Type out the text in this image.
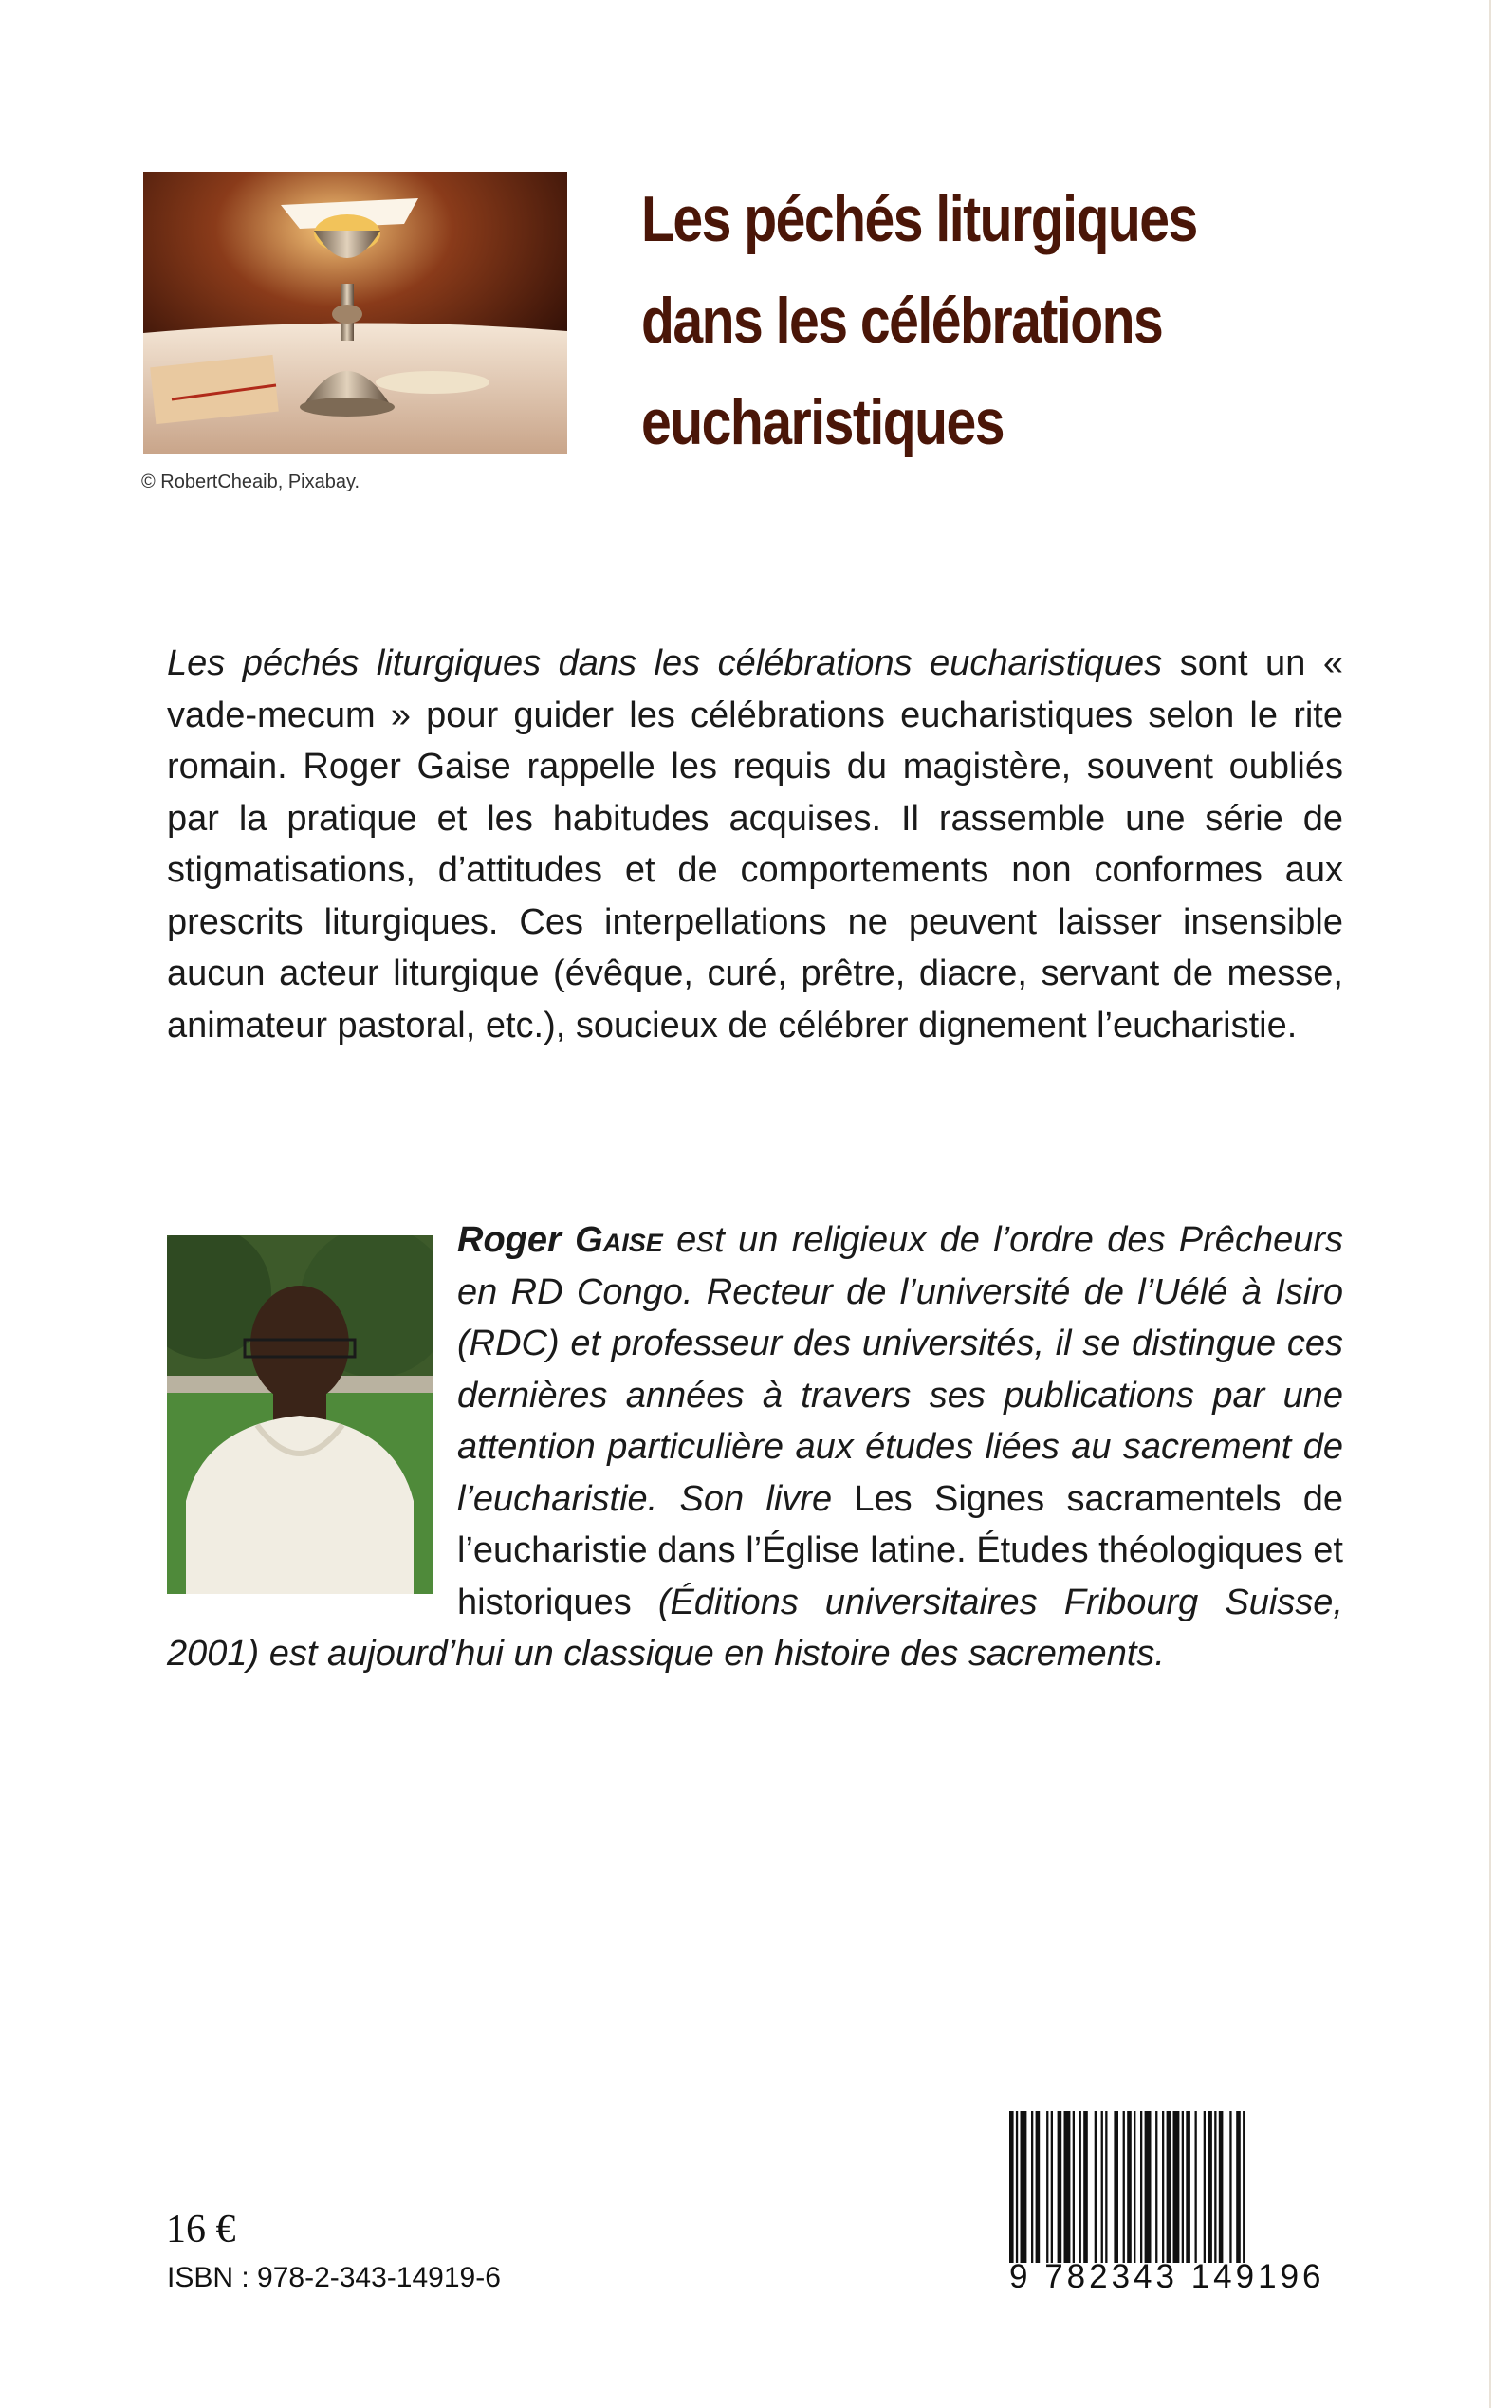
© RobertCheaib, Pixabay.
Les péchés liturgiques
dans les célébrations
eucharistiques
Les péchés liturgiques dans les célébrations eucharistiques sont un « vade-mecum » pour guider les célébrations eucharistiques selon le rite romain. Roger Gaise rappelle les requis du magistère, souvent oubliés par la pratique et les habitudes acquises. Il rassemble une série de stigmatisations, d’attitudes et de comportements non conformes aux prescrits liturgiques. Ces interpellations ne peuvent laisser insensible aucun acteur liturgique (évêque, curé, prêtre, diacre, servant de messe, animateur pastoral, etc.), soucieux de célébrer dignement l’eucharistie.
Roger Gaise est un religieux de l’ordre des Prêcheurs en RD Congo. Recteur de l’université de l’Uélé à Isiro (RDC) et professeur des universités, il se distingue ces dernières années à travers ses publications par une attention particulière aux études liées au sacrement de l’eucharistie. Son livre Les Signes sacramentels de l’eucharistie dans l’Église latine. Études théologiques et historiques (Éditions universitaires Fribourg Suisse, 2001) est aujourd’hui un classique en histoire des sacrements.
16 €
ISBN : 978-2-343-14919-6	9 782343 149196
